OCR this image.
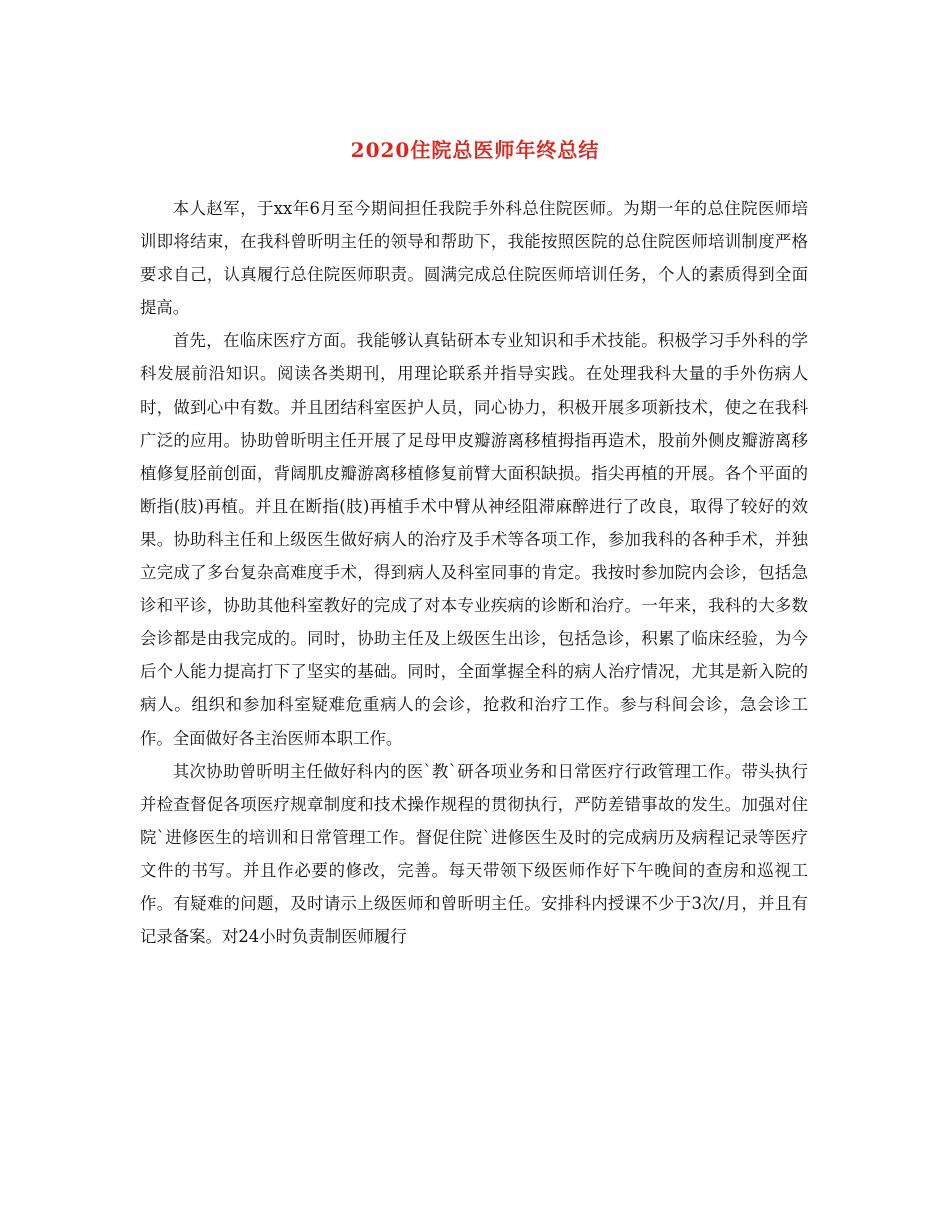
2020住院总医师年终总结

本人赵军，于xx年6月至今期间担任我院手外科总住院医师。为期一年的总住院医师培训即将结束，在我科曾昕明主任的领导和帮助下，我能按照医院的总住院医师培训制度严格要求自己，认真履行总住院医师职责。圆满完成总住院医师培训任务，个人的素质得到全面提高。

首先，在临床医疗方面。我能够认真钻研本专业知识和手术技能。积极学习手外科的学科发展前沿知识。阅读各类期刊，用理论联系并指导实践。在处理我科大量的手外伤病人时，做到心中有数。并且团结科室医护人员，同心协力，积极开展多项新技术，使之在我科广泛的应用。协助曾昕明主任开展了足母甲皮瓣游离移植拇指再造术，股前外侧皮瓣游离移植修复胫前创面，背阔肌皮瓣游离移植修复前臂大面积缺损。指尖再植的开展。各个平面的断指(肢)再植。并且在断指(肢)再植手术中臂从神经阻滞麻醉进行了改良，取得了较好的效果。协助科主任和上级医生做好病人的治疗及手术等各项工作，参加我科的各种手术，并独立完成了多台复杂高难度手术，得到病人及科室同事的肯定。我按时参加院内会诊，包括急诊和平诊，协助其他科室教好的完成了对本专业疾病的诊断和治疗。一年来，我科的大多数会诊都是由我完成的。同时，协助主任及上级医生出诊，包括急诊，积累了临床经验，为今后个人能力提高打下了坚实的基础。同时，全面掌握全科的病人治疗情况，尤其是新入院的病人。组织和参加科室疑难危重病人的会诊，抢救和治疗工作。参与科间会诊，急会诊工作。全面做好各主治医师本职工作。

其次协助曾昕明主任做好科内的医`教`研各项业务和日常医疗行政管理工作。带头执行并检查督促各项医疗规章制度和技术操作规程的贯彻执行，严防差错事故的发生。加强对住院`进修医生的培训和日常管理工作。督促住院`进修医生及时的完成病历及病程记录等医疗文件的书写。并且作必要的修改，完善。每天带领下级医师作好下午晚间的查房和巡视工作。有疑难的问题，及时请示上级医师和曾昕明主任。安排科内授课不少于3次/月，并且有记录备案。对24小时负责制医师履行
